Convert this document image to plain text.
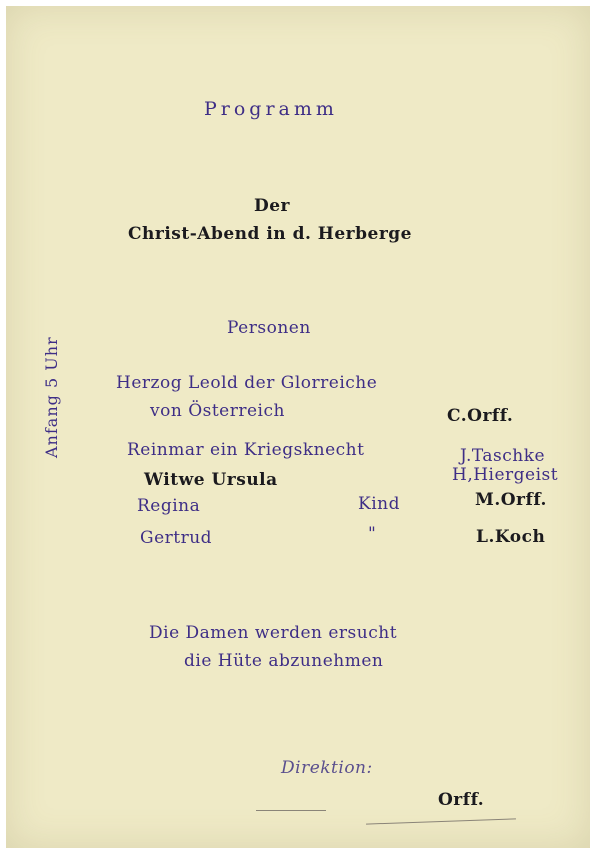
Programm
Der
Christ-Abend in d. Herberge
Anfang 5 Uhr
Personen
Herzog Leold der Glorreiche
von Österreich	C.Orff.
Reinmar ein Kriegsknecht	J.Taschke
Witwe Ursula	H,Hiergeist
Regina	Kind	M.Orff.
Gertrud	"	L.Koch
Die Damen werden ersucht
die Hüte abzunehmen
Direktion:
Orff.
